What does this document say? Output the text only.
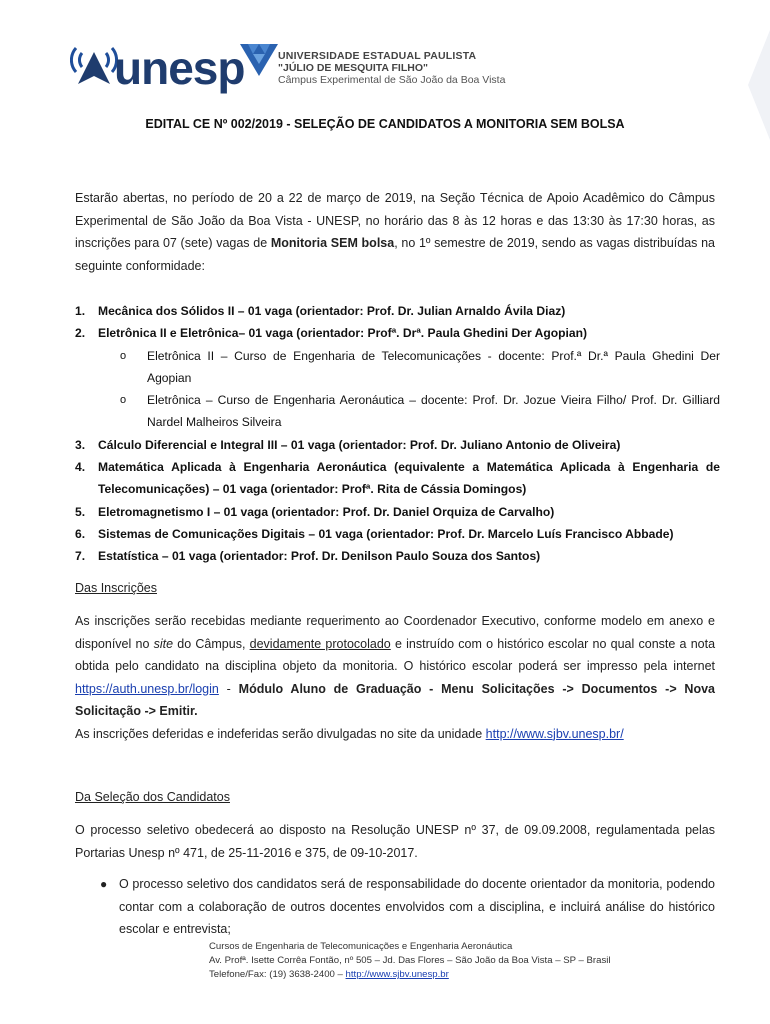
unesp	UNIVERSIDADE ESTADUAL PAULISTA
"JÚLIO DE MESQUITA FILHO"
Câmpus Experimental de São João da Boa Vista
EDITAL CE Nº 002/2019 - SELEÇÃO DE CANDIDATOS A MONITORIA SEM BOLSA
Estarão abertas, no período de 20 a 22 de março de 2019, na Seção Técnica de Apoio Acadêmico do Câmpus Experimental de São João da Boa Vista - UNESP, no horário das 8 às 12 horas e das 13:30 às 17:30 horas, as inscrições para 07 (sete) vagas de Monitoria SEM bolsa, no 1º semestre de 2019, sendo as vagas distribuídas na seguinte conformidade:
1. Mecânica dos Sólidos II – 01 vaga (orientador: Prof. Dr. Julian Arnaldo Ávila Diaz)
2. Eletrônica II e Eletrônica– 01 vaga (orientador: Profª. Drª. Paula Ghedini Der Agopian)
o Eletrônica II – Curso de Engenharia de Telecomunicações - docente: Prof.ª Dr.ª Paula Ghedini Der Agopian
o Eletrônica – Curso de Engenharia Aeronáutica – docente: Prof. Dr. Jozue Vieira Filho/ Prof. Dr. Gilliard Nardel Malheiros Silveira
3. Cálculo Diferencial e Integral III – 01 vaga (orientador: Prof. Dr. Juliano Antonio de Oliveira)
4. Matemática Aplicada à Engenharia Aeronáutica (equivalente a Matemática Aplicada à Engenharia de Telecomunicações) – 01 vaga (orientador: Profª. Rita de Cássia Domingos)
5. Eletromagnetismo I – 01 vaga (orientador: Prof. Dr. Daniel Orquiza de Carvalho)
6. Sistemas de Comunicações Digitais – 01 vaga (orientador: Prof. Dr. Marcelo Luís Francisco Abbade)
7. Estatística – 01 vaga (orientador: Prof. Dr. Denilson Paulo Souza dos Santos)
Das Inscrições
As inscrições serão recebidas mediante requerimento ao Coordenador Executivo, conforme modelo em anexo e disponível no site do Câmpus, devidamente protocolado e instruído com o histórico escolar no qual conste a nota obtida pelo candidato na disciplina objeto da monitoria. O histórico escolar poderá ser impresso pela internet https://auth.unesp.br/login - Módulo Aluno de Graduação - Menu Solicitações -> Documentos -> Nova Solicitação -> Emitir.
As inscrições deferidas e indeferidas serão divulgadas no site da unidade http://www.sjbv.unesp.br/
Da Seleção dos Candidatos
O processo seletivo obedecerá ao disposto na Resolução UNESP nº 37, de 09.09.2008, regulamentada pelas Portarias Unesp nº 471, de 25-11-2016 e 375, de 09-10-2017.
● O processo seletivo dos candidatos será de responsabilidade do docente orientador da monitoria, podendo contar com a colaboração de outros docentes envolvidos com a disciplina, e incluirá análise do histórico escolar e entrevista;
Cursos de Engenharia de Telecomunicações e Engenharia Aeronáutica
Av. Profª. Isette Corrêa Fontão, nº 505 – Jd. Das Flores – São João da Boa Vista – SP – Brasil
Telefone/Fax: (19) 3638-2400 – http://www.sjbv.unesp.br
